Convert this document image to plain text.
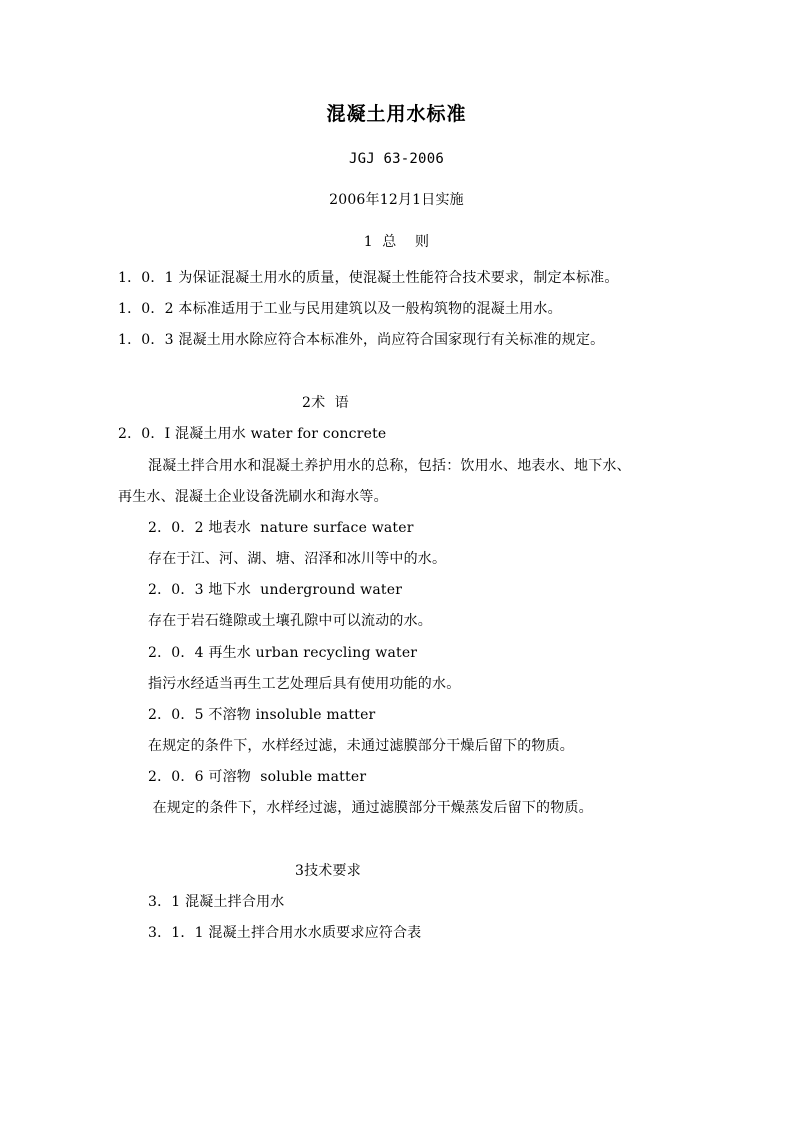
混凝土用水标准
JGJ 63-2006
2006年12月1日实施
1  总    则
1．0．1 为保证混凝土用水的质量，使混凝土性能符合技术要求，制定本标准。
1．0．2 本标准适用于工业与民用建筑以及一般构筑物的混凝土用水。
1．0．3 混凝土用水除应符合本标准外，尚应符合国家现行有关标准的规定。
2术  语
2．0．I 混凝土用水 water for concrete
混凝土拌合用水和混凝土养护用水的总称，包括：饮用水、地表水、地下水、
再生水、混凝土企业设备洗刷水和海水等。
2．0．2 地表水  nature surface water
存在于江、河、湖、塘、沼泽和冰川等中的水。
2．0．3 地下水  underground water
存在于岩石缝隙或土壤孔隙中可以流动的水。
2．0．4 再生水 urban recycling water
指污水经适当再生工艺处理后具有使用功能的水。
2．0．5 不溶物 insoluble matter
在规定的条件下，水样经过滤，未通过滤膜部分干燥后留下的物质。
2．0．6 可溶物  soluble matter
在规定的条件下，水样经过滤，通过滤膜部分干燥蒸发后留下的物质。
3技术要求
3．1 混凝土拌合用水
3．1．1 混凝土拌合用水水质要求应符合表
